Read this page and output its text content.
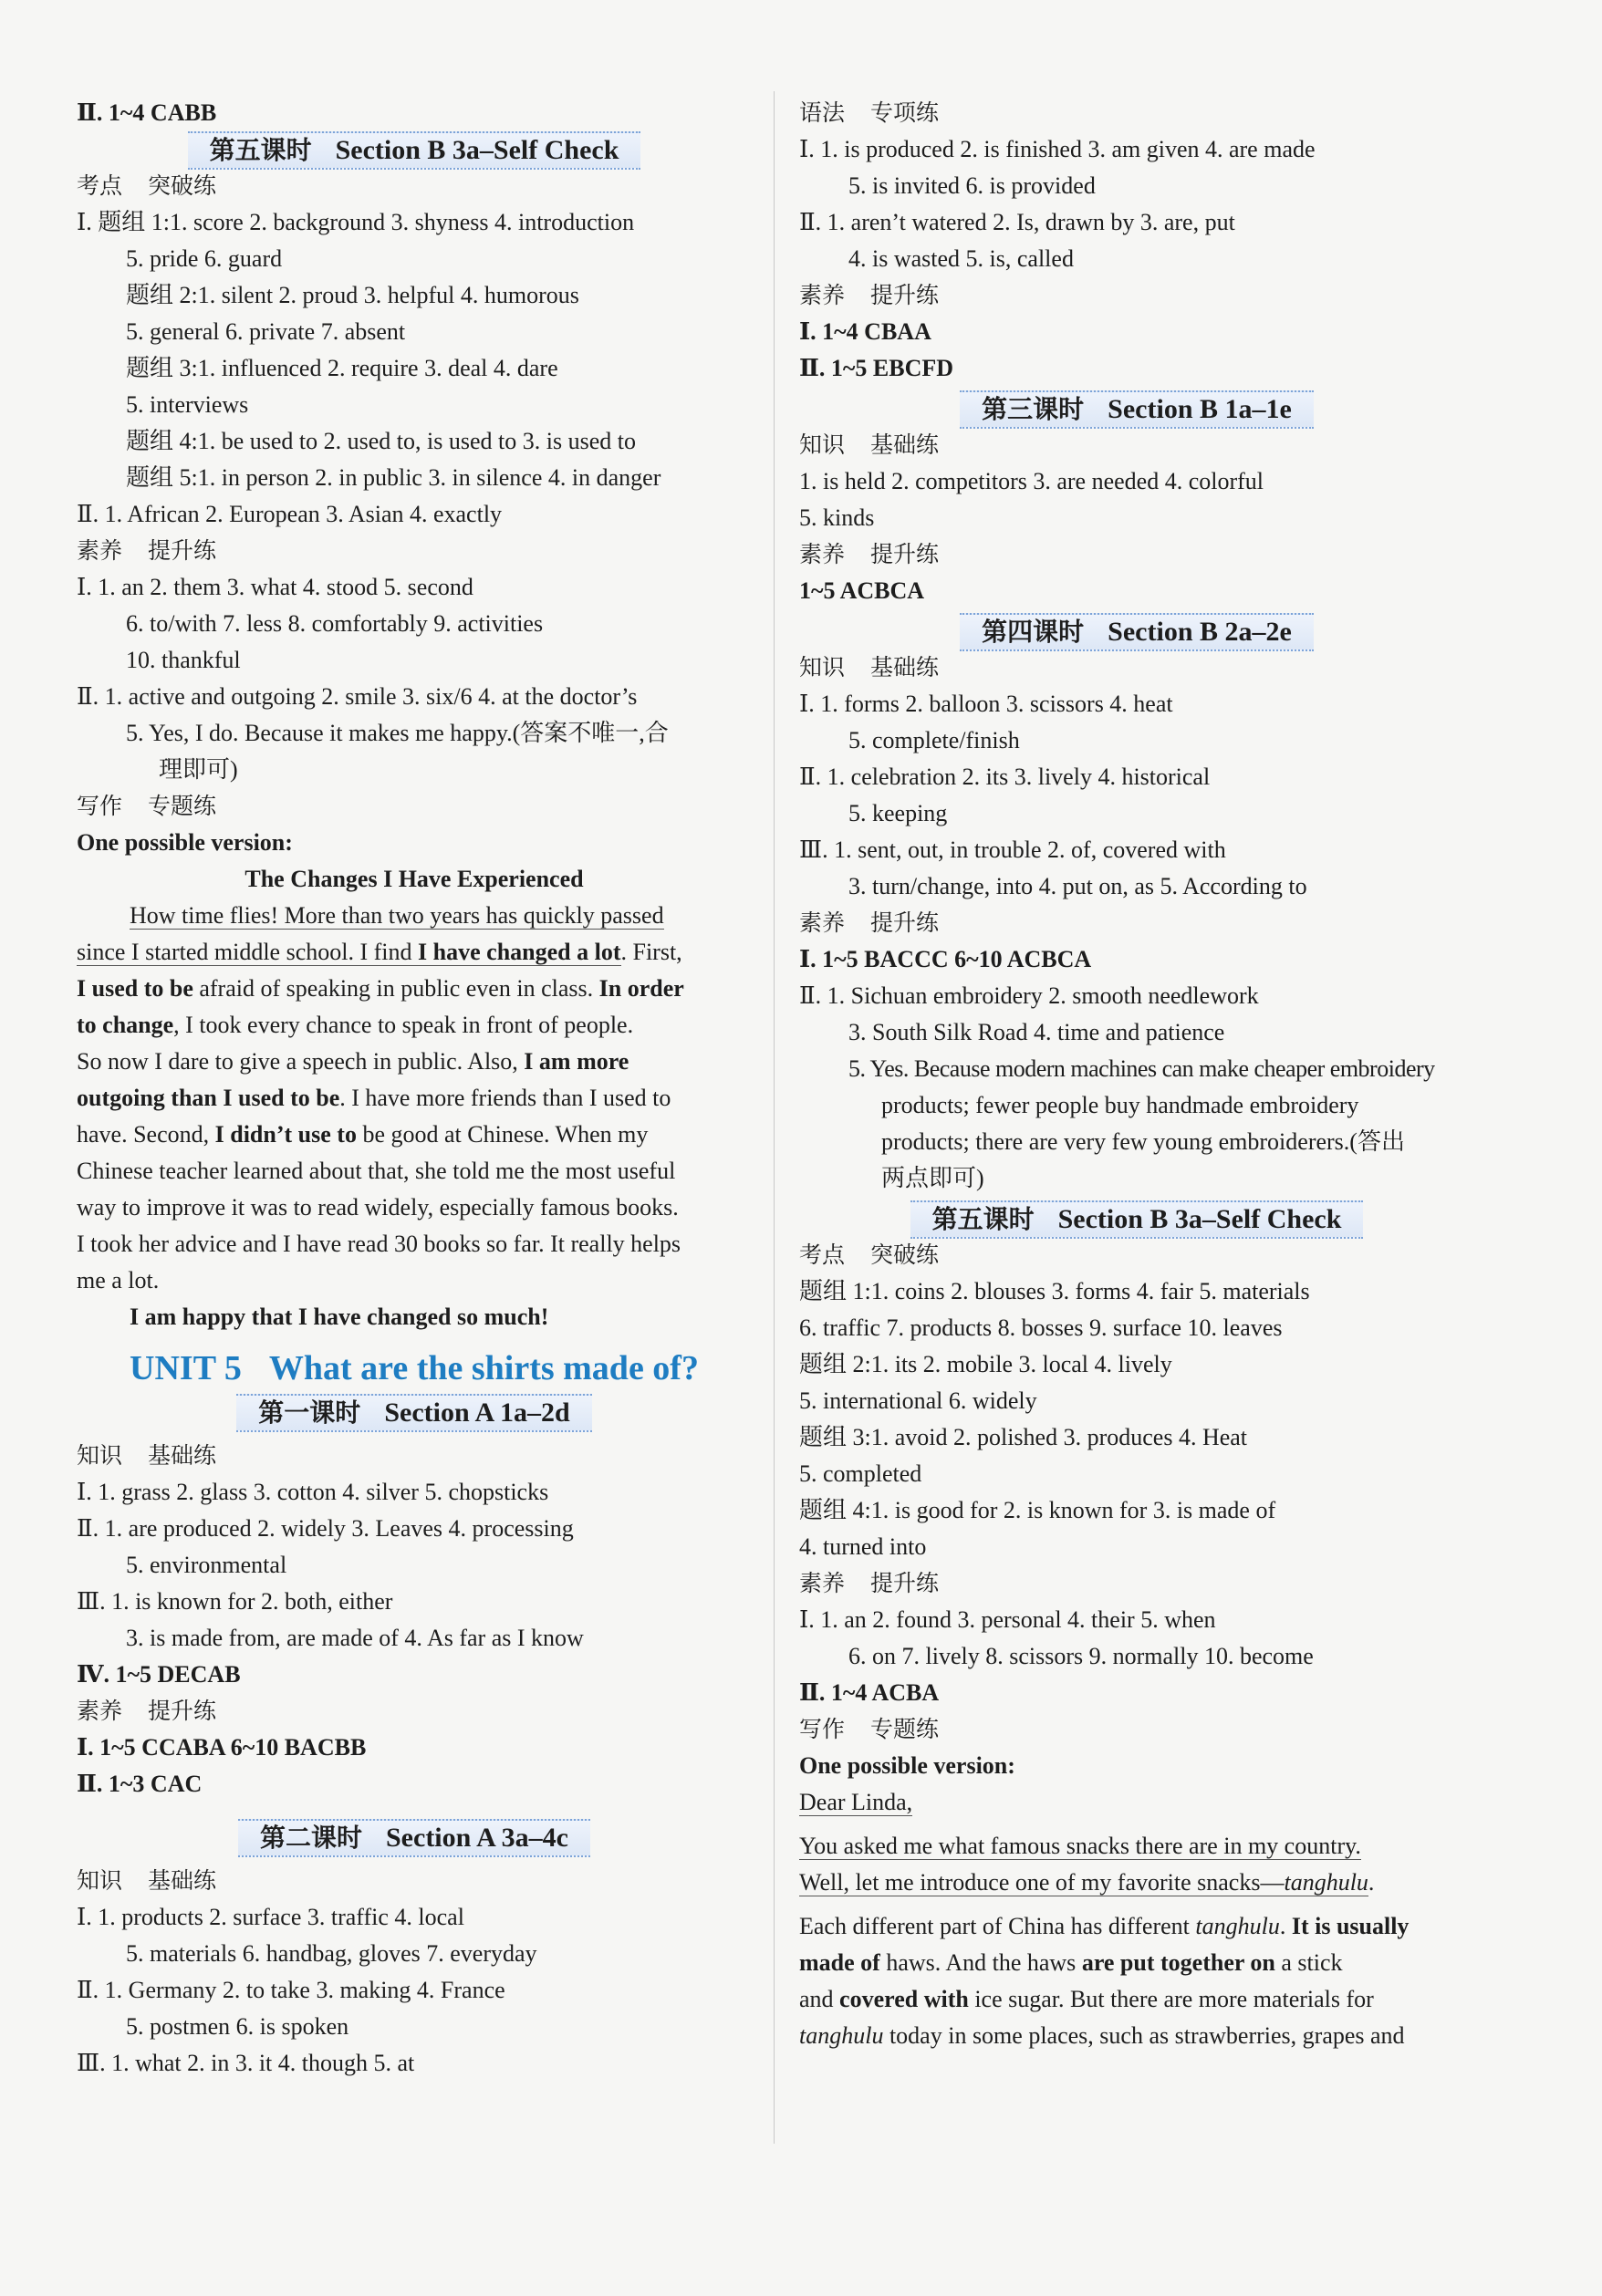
Ⅱ. 1~4 CABB
第五课时 Section B 3a–Self Check
考点 突破练
Ⅰ. 题组 1:1. score 2. background 3. shyness 4. introduction
5. pride 6. guard
题组 2:1. silent 2. proud 3. helpful 4. humorous
5. general 6. private 7. absent
题组 3:1. influenced 2. require 3. deal 4. dare
5. interviews
题组 4:1. be used to 2. used to, is used to 3. is used to
题组 5:1. in person 2. in public 3. in silence 4. in danger
Ⅱ. 1. African 2. European 3. Asian 4. exactly
素养 提升练
Ⅰ. 1. an 2. them 3. what 4. stood 5. second
6. to/with 7. less 8. comfortably 9. activities
10. thankful
Ⅱ. 1. active and outgoing 2. smile 3. six/6 4. at the doctor’s
5. Yes, I do. Because it makes me happy.(答案不唯一,合
理即可)
写作 专题练
One possible version:
The Changes I Have Experienced
How time flies! More than two years has quickly passed
since I started middle school. I find I have changed a lot. First,
I used to be afraid of speaking in public even in class. In order
to change, I took every chance to speak in front of people.
So now I dare to give a speech in public. Also, I am more
outgoing than I used to be. I have more friends than I used to
have. Second, I didn’t use to be good at Chinese. When my
Chinese teacher learned about that, she told me the most useful
way to improve it was to read widely, especially famous books.
I took her advice and I have read 30 books so far. It really helps
me a lot.
I am happy that I have changed so much!
UNIT 5 What are the shirts made of?
第一课时 Section A 1a–2d
知识 基础练
Ⅰ. 1. grass 2. glass 3. cotton 4. silver 5. chopsticks
Ⅱ. 1. are produced 2. widely 3. Leaves 4. processing
5. environmental
Ⅲ. 1. is known for 2. both, either
3. is made from, are made of 4. As far as I know
Ⅳ. 1~5 DECAB
素养 提升练
Ⅰ. 1~5 CCABA 6~10 BACBB
Ⅱ. 1~3 CAC
第二课时 Section A 3a–4c
知识 基础练
Ⅰ. 1. products 2. surface 3. traffic 4. local
5. materials 6. handbag, gloves 7. everyday
Ⅱ. 1. Germany 2. to take 3. making 4. France
5. postmen 6. is spoken
Ⅲ. 1. what 2. in 3. it 4. though 5. at
语法 专项练
Ⅰ. 1. is produced 2. is finished 3. am given 4. are made
5. is invited 6. is provided
Ⅱ. 1. aren’t watered 2. Is, drawn by 3. are, put
4. is wasted 5. is, called
素养 提升练
Ⅰ. 1~4 CBAA
Ⅱ. 1~5 EBCFD
第三课时 Section B 1a–1e
知识 基础练
1. is held 2. competitors 3. are needed 4. colorful
5. kinds
素养 提升练
1~5 ACBCA
第四课时 Section B 2a–2e
知识 基础练
Ⅰ. 1. forms 2. balloon 3. scissors 4. heat
5. complete/finish
Ⅱ. 1. celebration 2. its 3. lively 4. historical
5. keeping
Ⅲ. 1. sent, out, in trouble 2. of, covered with
3. turn/change, into 4. put on, as 5. According to
素养 提升练
Ⅰ. 1~5 BACCC 6~10 ACBCA
Ⅱ. 1. Sichuan embroidery 2. smooth needlework
3. South Silk Road 4. time and patience
5. Yes. Because modern machines can make cheaper embroidery
products; fewer people buy handmade embroidery
products; there are very few young embroiderers.(答出
两点即可)
第五课时 Section B 3a–Self Check
考点 突破练
题组 1:1. coins 2. blouses 3. forms 4. fair 5. materials
6. traffic 7. products 8. bosses 9. surface 10. leaves
题组 2:1. its 2. mobile 3. local 4. lively
5. international 6. widely
题组 3:1. avoid 2. polished 3. produces 4. Heat
5. completed
题组 4:1. is good for 2. is known for 3. is made of
4. turned into
素养 提升练
Ⅰ. 1. an 2. found 3. personal 4. their 5. when
6. on 7. lively 8. scissors 9. normally 10. become
Ⅱ. 1~4 ACBA
写作 专题练
One possible version:
Dear Linda,
You asked me what famous snacks there are in my country.
Well, let me introduce one of my favorite snacks—tanghulu.
Each different part of China has different tanghulu. It is usually
made of haws. And the haws are put together on a stick
and covered with ice sugar. But there are more materials for
tanghulu today in some places, such as strawberries, grapes and
